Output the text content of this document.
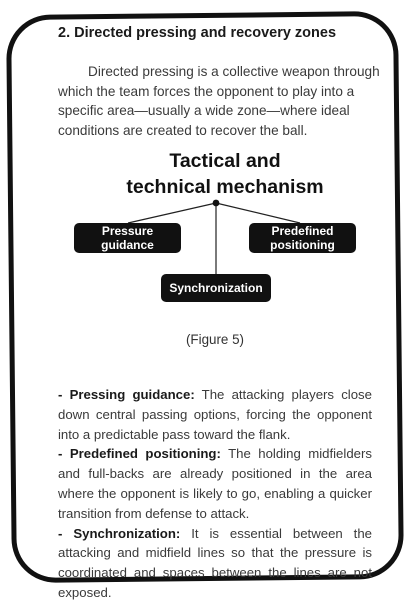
2. Directed pressing and recovery zones

Directed pressing is a collective weapon through
which the team forces the opponent to play into a
specific area—usually a wide zone—where ideal
conditions are created to recover the ball.

Tactical and
technical mechanism
Pressure
guidance
Predefined
positioning
Synchronization
(Figure 5)

- Pressing guidance: The attacking players close down central passing options, forcing the opponent into a predictable pass toward the flank.

- Predefined positioning: The holding midfielders and full-backs are already positioned in the area where the opponent is likely to go, enabling a quicker transition from defense to attack.

- Synchronization: It is essential between the attacking and midfield lines so that the pressure is coordinated and spaces between the lines are not exposed.
